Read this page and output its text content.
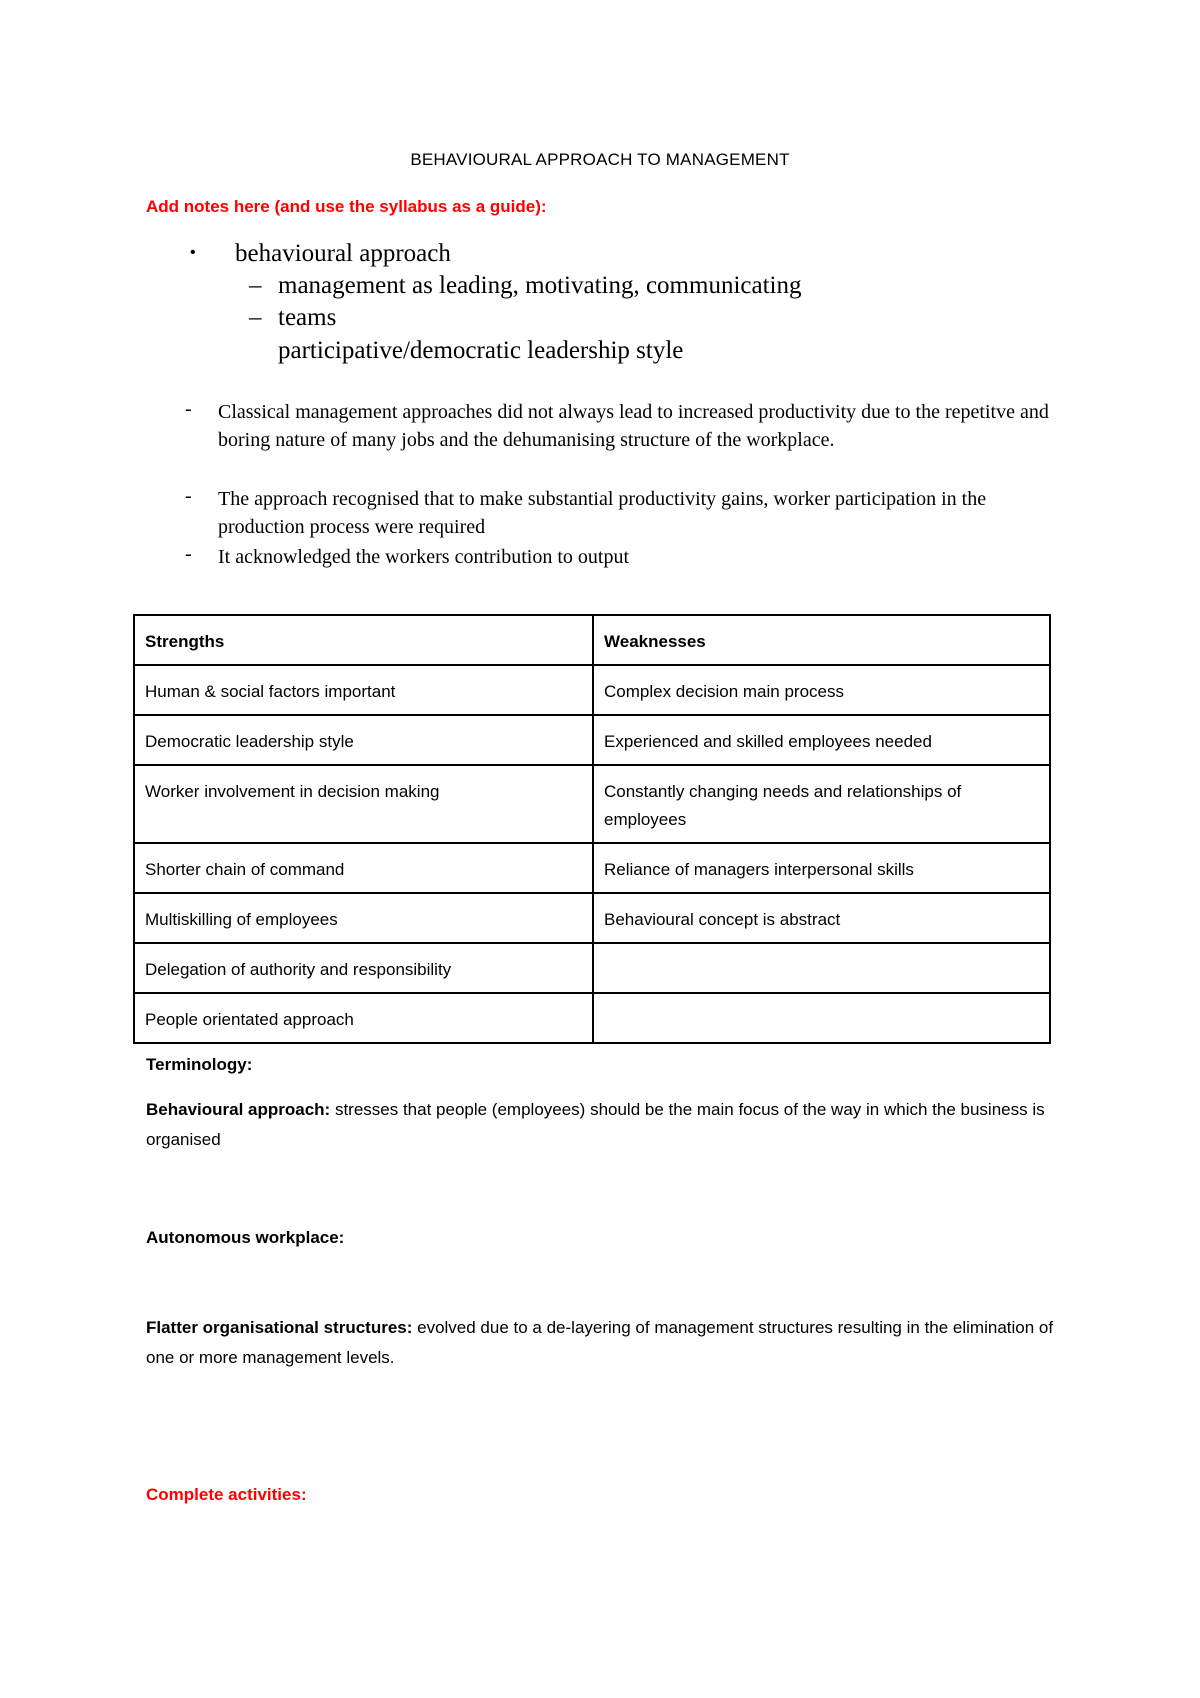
BEHAVIOURAL APPROACH TO MANAGEMENT
Add notes here (and use the syllabus as a guide):
• behavioural approach
– management as leading, motivating, communicating
– teams
participative/democratic leadership style
- Classical management approaches did not always lead to increased productivity due to the repetitve and boring nature of many jobs and the dehumanising structure of the workplace.
- The approach recognised that to make substantial productivity gains, worker participation in the production process were required
- It acknowledged the workers contribution to output
Strengths	Weaknesses
Human & social factors important	Complex decision main process
Democratic leadership style	Experienced and skilled employees needed
Worker involvement in decision making	Constantly changing needs and relationships of employees
Shorter chain of command	Reliance of managers interpersonal skills
Multiskilling of employees	Behavioural concept is abstract
Delegation of authority and responsibility	
People orientated approach	
Terminology:
Behavioural approach: stresses that people (employees) should be the main focus of the way in which the business is organised
Autonomous workplace:
Flatter organisational structures: evolved due to a de-layering of management structures resulting in the elimination of one or more management levels.
Complete activities:
